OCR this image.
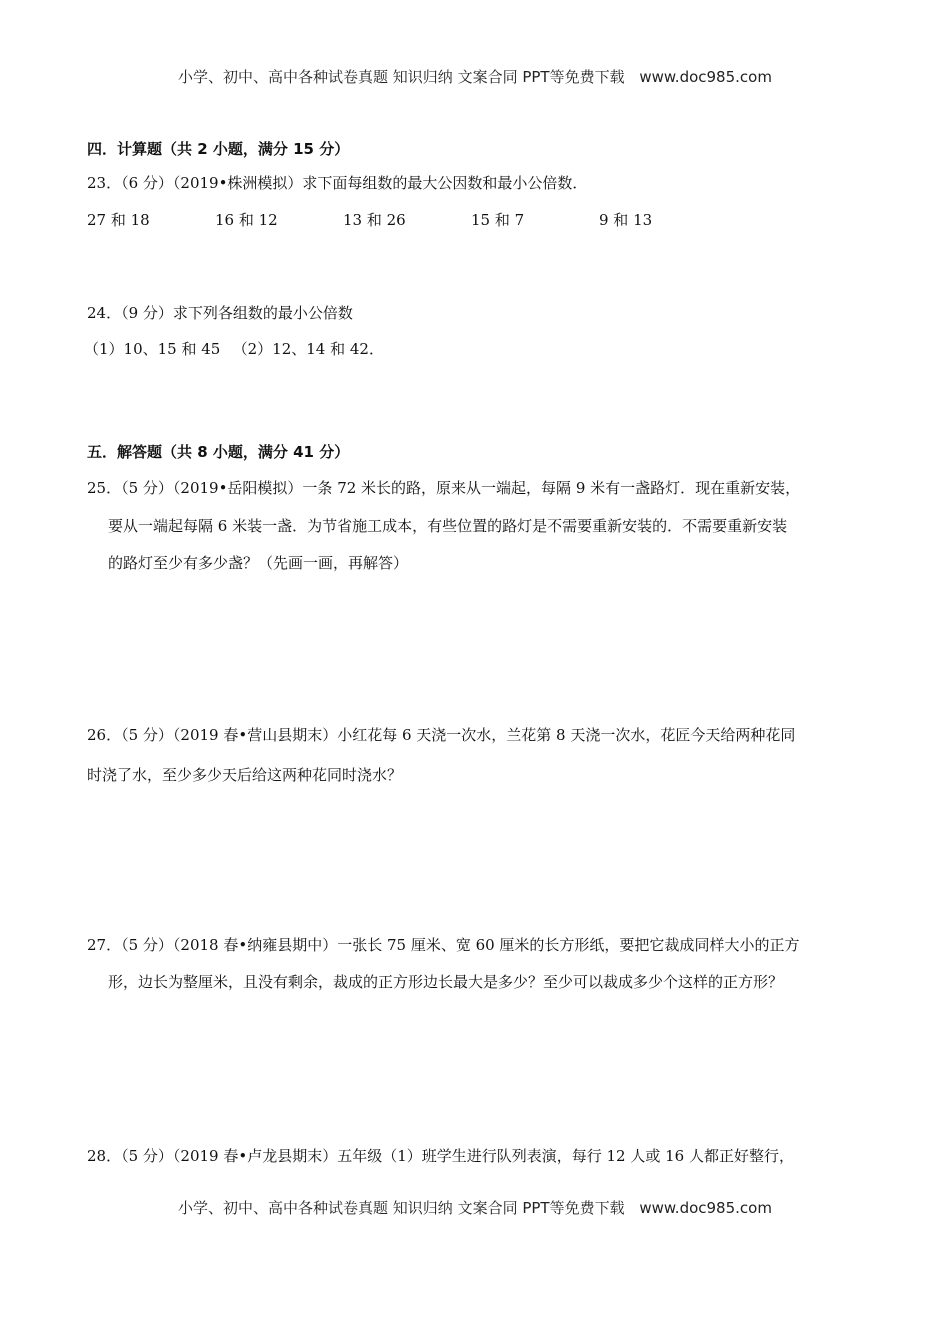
小学、初中、高中各种试卷真题 知识归纳 文案合同 PPT等免费下载 www.doc985.com
四．计算题（共 2 小题，满分 15 分）
23．（6 分）（2019•株洲模拟）求下面每组数的最大公因数和最小公倍数．
27 和 18	16 和 12	13 和 26	15 和 7	9 和 13
24．（9 分）求下列各组数的最小公倍数
（1）10、15 和 45 　（2）12、14 和 42．
五．解答题（共 8 小题，满分 41 分）
25．（5 分）（2019•岳阳模拟）一条 72 米长的路，原来从一端起，每隔 9 米有一盏路灯．现在重新安装，
要从一端起每隔 6 米装一盏．为节省施工成本，有些位置的路灯是不需要重新安装的．不需要重新安装
的路灯至少有多少盏？（先画一画，再解答）
26．（5 分）（2019 春•营山县期末）小红花每 6 天浇一次水，兰花第 8 天浇一次水，花匠今天给两种花同
时浇了水，至少多少天后给这两种花同时浇水？
27．（5 分）（2018 春•纳雍县期中）一张长 75 厘米、宽 60 厘米的长方形纸，要把它裁成同样大小的正方
形，边长为整厘米，且没有剩余，裁成的正方形边长最大是多少？至少可以裁成多少个这样的正方形？
28．（5 分）（2019 春•卢龙县期末）五年级（1）班学生进行队列表演，每行 12 人或 16 人都正好整行，
小学、初中、高中各种试卷真题 知识归纳 文案合同 PPT等免费下载 www.doc985.com
